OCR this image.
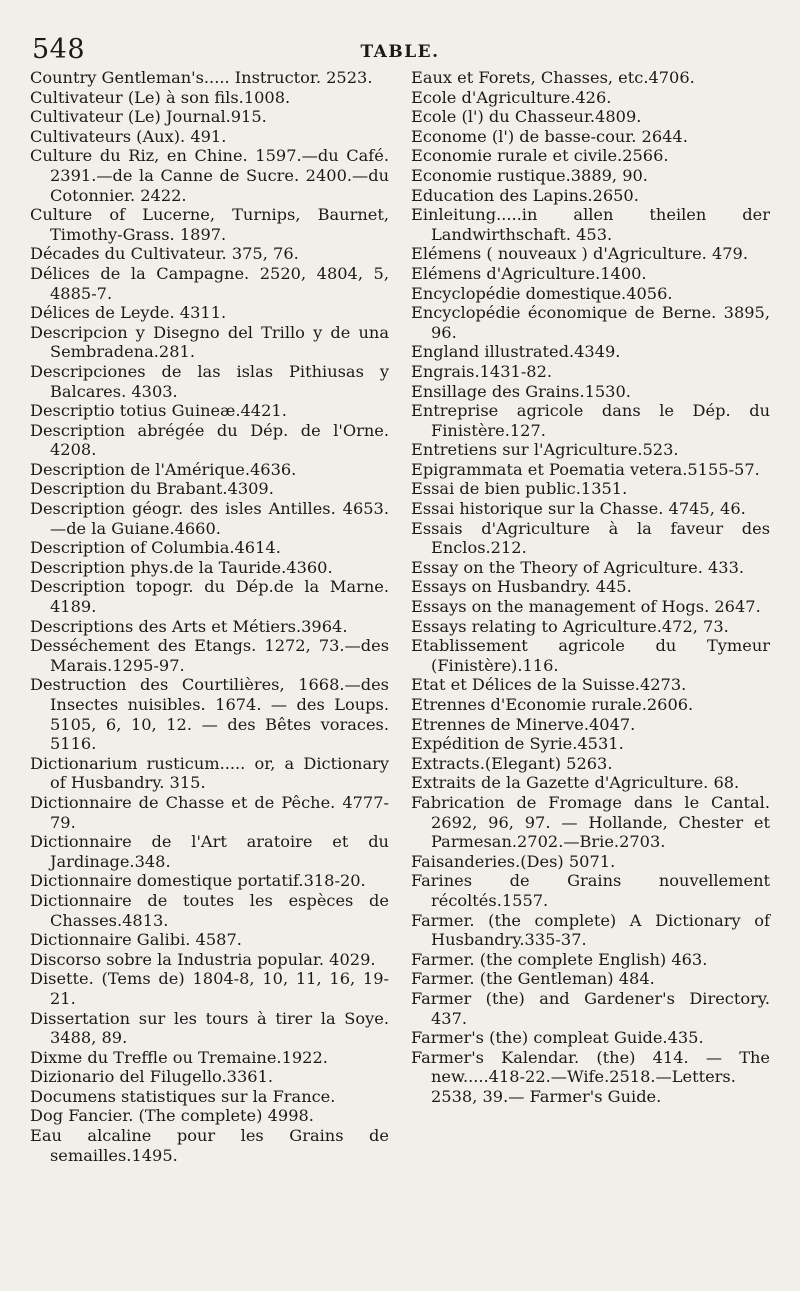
548	TABLE.
Country Gentleman's..... Instructor. 2523.
Cultivateur (Le) à son fils.1008.
Cultivateur (Le) Journal.915.
Cultivateurs (Aux). 491.
Culture du Riz, en Chine. 1597.—du Café. 2391.—de la Canne de Sucre. 2400.—du Cotonnier. 2422.
Culture of Lucerne, Turnips, Baurnet, Timothy-Grass. 1897.
Décades du Cultivateur. 375, 76.
Délices de la Campagne. 2520, 4804, 5, 4885-7.
Délices de Leyde. 4311.
Descripcion y Disegno del Trillo y de una Sembradena.281.
Descripciones de las islas Pithiusas y Balcares. 4303.
Descriptio totius Guineæ.4421.
Description abrégée du Dép. de l'Orne. 4208.
Description de l'Amérique.4636.
Description du Brabant.4309.
Description géogr. des isles Antilles. 4653.—de la Guiane.4660.
Description of Columbia.4614.
Description phys.de la Tauride.4360.
Description topogr. du Dép.de la Marne. 4189.
Descriptions des Arts et Métiers.3964.
Desséchement des Etangs. 1272, 73.—des Marais.1295-97.
Destruction des Courtilières, 1668.—des Insectes nuisibles. 1674. — des Loups. 5105, 6, 10, 12. — des Bêtes voraces. 5116.
Dictionarium rusticum..... or, a Dictionary of Husbandry. 315.
Dictionnaire de Chasse et de Pêche. 4777-79.
Dictionnaire de l'Art aratoire et du Jardinage.348.
Dictionnaire domestique portatif.318-20.
Dictionnaire de toutes les espèces de Chasses.4813.
Dictionnaire Galibi. 4587.
Discorso sobre la Industria popular. 4029.
Disette. (Tems de) 1804-8, 10, 11, 16, 19-21.
Dissertation sur les tours à tirer la Soye. 3488, 89.
Dixme du Treffle ou Tremaine.1922.
Dizionario del Filugello.3361.
Documens statistiques sur la France.
Dog Fancier. (The complete) 4998.
Eau alcaline pour les Grains de semailles.1495.
Eaux et Forets, Chasses, etc.4706.
Ecole d'Agriculture.426.
Ecole (l') du Chasseur.4809.
Econome (l') de basse-cour. 2644.
Economie rurale et civile.2566.
Economie rustique.3889, 90.
Education des Lapins.2650.
Einleitung.....in allen theilen der Landwirthschaft. 453.
Elémens ( nouveaux ) d'Agriculture. 479.
Elémens d'Agriculture.1400.
Encyclopédie domestique.4056.
Encyclopédie économique de Berne. 3895, 96.
England illustrated.4349.
Engrais.1431-82.
Ensillage des Grains.1530.
Entreprise agricole dans le Dép. du Finistère.127.
Entretiens sur l'Agriculture.523.
Epigrammata et Poematia vetera.5155-57.
Essai de bien public.1351.
Essai historique sur la Chasse. 4745, 46.
Essais d'Agriculture à la faveur des Enclos.212.
Essay on the Theory of Agriculture. 433.
Essays on Husbandry. 445.
Essays on the management of Hogs. 2647.
Essays relating to Agriculture.472, 73.
Etablissement agricole du Tymeur (Finistère).116.
Etat et Délices de la Suisse.4273.
Etrennes d'Economie rurale.2606.
Etrennes de Minerve.4047.
Expédition de Syrie.4531.
Extracts.(Elegant) 5263.
Extraits de la Gazette d'Agriculture. 68.
Fabrication de Fromage dans le Cantal. 2692, 96, 97. — Hollande, Chester et Parmesan.2702.—Brie.2703.
Faisanderies.(Des) 5071.
Farines de Grains nouvellement récoltés.1557.
Farmer. (the complete) A Dictionary of Husbandry.335-37.
Farmer. (the complete English) 463.
Farmer. (the Gentleman) 484.
Farmer (the) and Gardener's Directory. 437.
Farmer's (the) compleat Guide.435.
Farmer's Kalendar. (the) 414. — The new.....418-22.—Wife.2518.—Letters. 2538, 39.— Farmer's Guide.
